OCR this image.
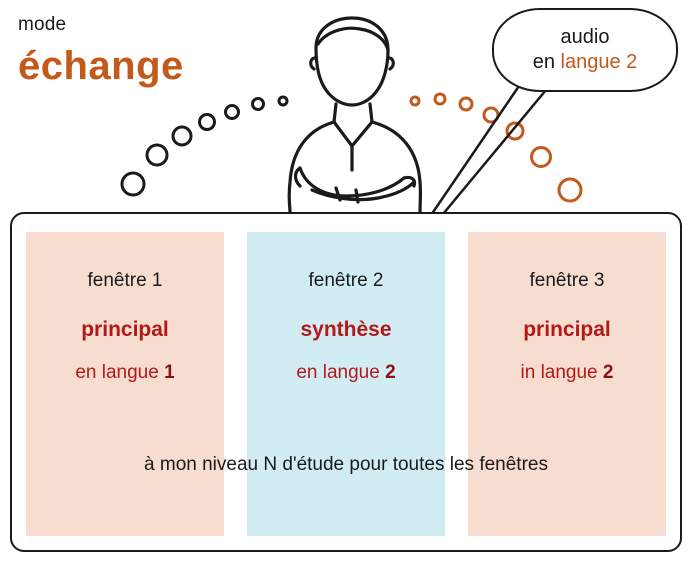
mode
échange
audio
en langue 2
fenêtre 1
principal
en langue 1
fenêtre 2
synthèse
en langue 2
fenêtre 3
principal
in langue 2
à mon niveau N d'étude pour toutes les fenêtres
